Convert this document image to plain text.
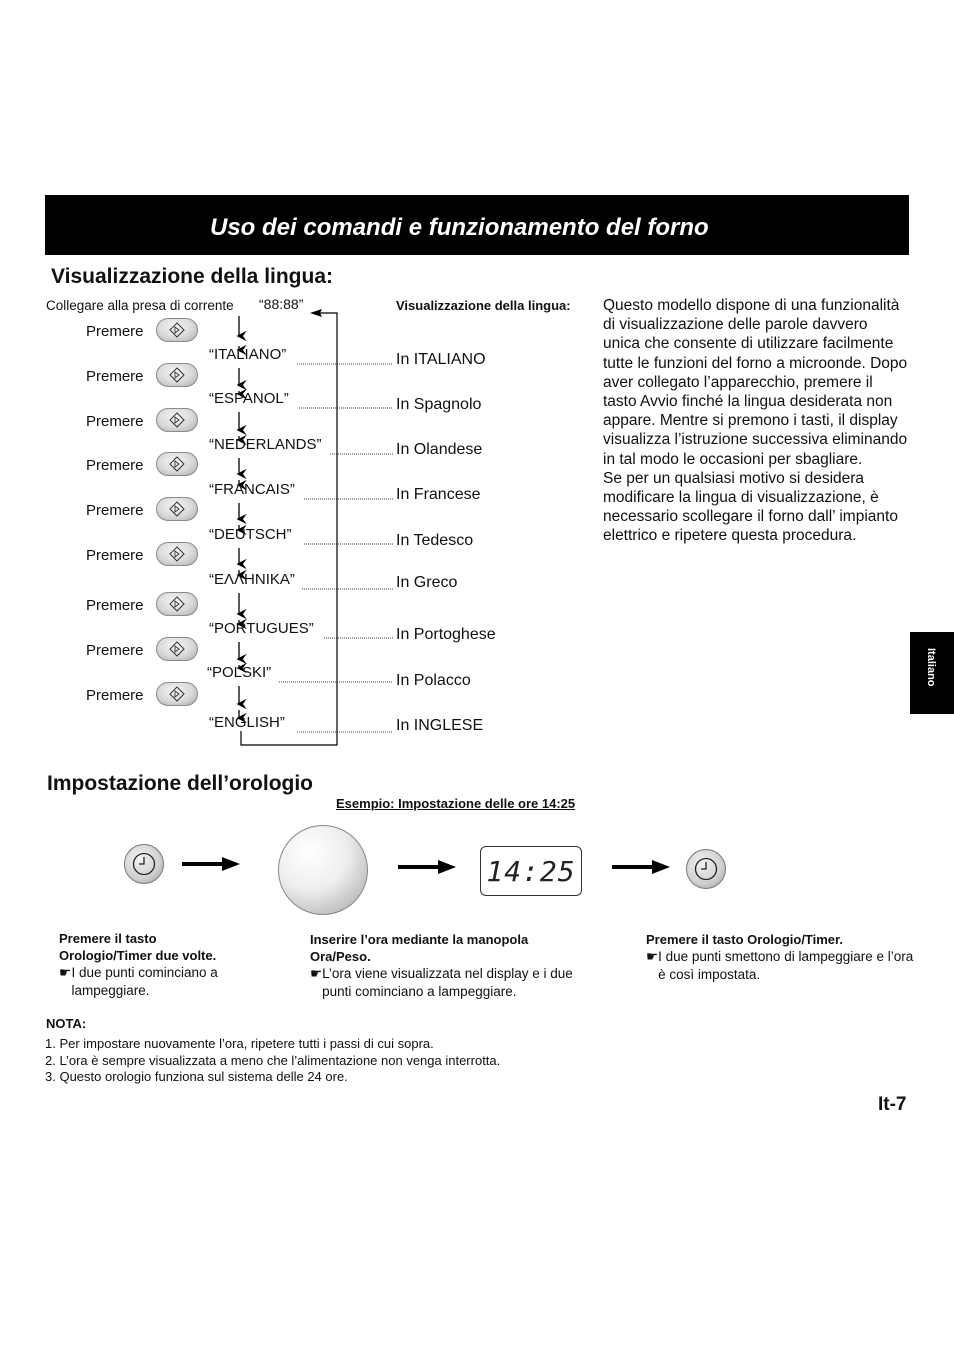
Uso dei comandi e funzionamento del forno
Italiano
Visualizzazione della lingua:
Collegare alla presa di corrente “88:88”	Visualizzazione della lingua:
Premere
“ITALIANO”	In ITALIANO
Premere
“ESPANOL”	In Spagnolo
Premere
“NEDERLANDS”	In Olandese
Premere
“FRANCAIS”	In Francese
Premere
“DEUTSCH”	In Tedesco
Premere
“ΕΛΛΗΝΙΚΑ”	In Greco
Premere
“PORTUGUES”	In Portoghese
Premere
“POLSKI”	In Polacco
Premere
“ENGLISH”	In INGLESE
Questo modello dispone di una funzionalità di visualizzazione delle parole davvero unica che consente di utilizzare facilmente tutte le funzioni del forno a microonde. Dopo aver collegato l’apparecchio, premere il tasto Avvio finché la lingua desiderata non appare. Mentre si premono i tasti, il display visualizza l’istruzione successiva eliminando in tal modo le occasioni per sbagliare.
Se per un qualsiasi motivo si desidera modificare la lingua di visualizzazione, è necessario scollegare il forno dall’ impianto elettrico e ripetere questa procedura.
Impostazione dell’orologio
Esempio: Impostazione delle ore 14:25
14:25
Premere il tasto Orologio/Timer due volte.
☛ I due punti cominciano a lampeggiare.
Inserire l’ora mediante la manopola Ora/Peso.
☛ L’ora viene visualizzata nel display e i due punti cominciano a lampeggiare.
Premere il tasto Orologio/Timer.
☛ I due punti smettono di lampeggiare e l’ora è così impostata.
NOTA:
1. Per impostare nuovamente l’ora, ripetere tutti i passi di cui sopra.
2. L’ora è sempre visualizzata a meno che l’alimentazione non venga interrotta.
3. Questo orologio funziona sul sistema delle 24 ore.
It-7
